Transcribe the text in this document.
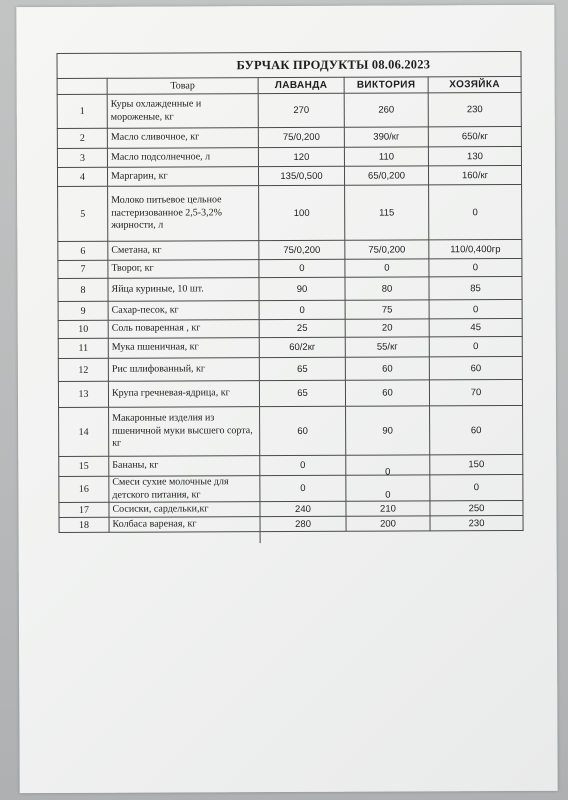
БУРЧАК ПРОДУКТЫ 08.06.2023				

	Товар	ЛАВАНДА	ВИКТОРИЯ	ХОЗЯЙКА
1	Куры охлажденные и мороженые, кг	270	260	230
2	Масло сливочное, кг	75/0,200	390/кг	650/кг
3	Масло подсолнечное, л	120	110	130
4	Маргарин, кг	135/0,500	65/0,200	160/кг
5	Молоко питьевое цельное пастеризованное 2,5-3,2% жирности, л	100	115	0
6	Сметана, кг	75/0,200	75/0,200	110/0,400гр
7	Творог, кг	0	0	0
8	Яйца куриные, 10 шт.	90	80	85
9	Сахар-песок, кг	0	75	0
10	Соль поваренная , кг	25	20	45
11	Мука пшеничная, кг	60/2кг	55/кг	0
12	Рис шлифованный, кг	65	60	60
13	Крупа гречневая-ядрица, кг	65	60	70
14	Макаронные изделия из пшеничной муки высшего сорта, кг	60	90	60
15	Бананы, кг	0	0	150
16	Смеси сухие молочные для детского питания, кг	0	0	0
17	Сосиски, сардельки,кг	240	210	250
18	Колбаса вареная, кг	280	200	230
